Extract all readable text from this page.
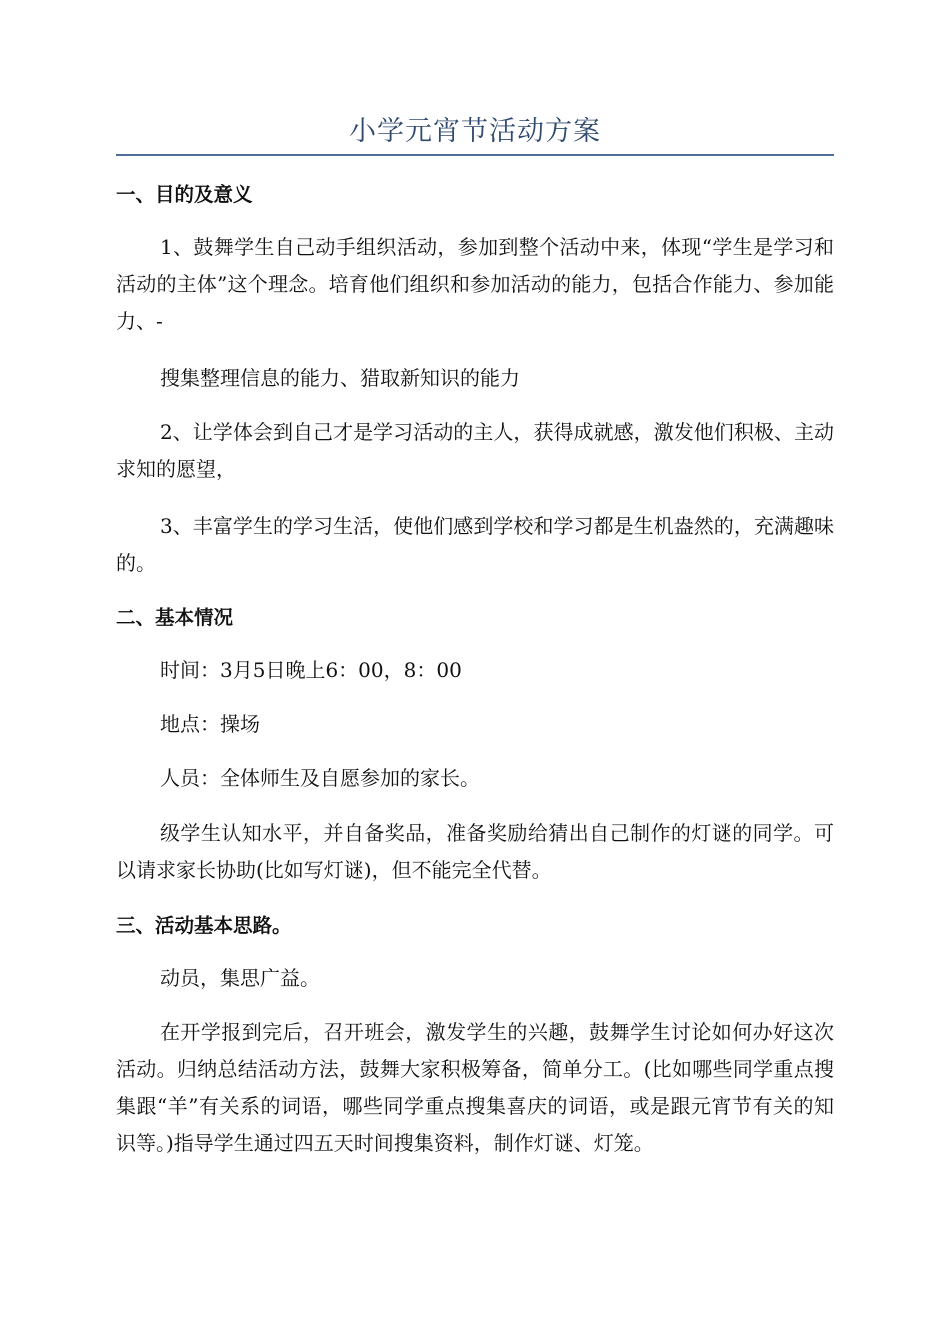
小学元宵节活动方案
一、目的及意义
1、鼓舞学生自己动手组织活动，参加到整个活动中来，体现“学生是学习和活动的主体”这个理念。培育他们组织和参加活动的能力，包括合作能力、参加能力、-
搜集整理信息的能力、猎取新知识的能力
2、让学体会到自己才是学习活动的主人，获得成就感，激发他们积极、主动求知的愿望，
3、丰富学生的学习生活，使他们感到学校和学习都是生机盎然的，充满趣味的。
二、基本情况
时间：3月5日晚上6：00，8：00
地点：操场
人员：全体师生及自愿参加的家长。
级学生认知水平，并自备奖品，准备奖励给猜出自己制作的灯谜的同学。可以请求家长协助(比如写灯谜)，但不能完全代替。
三、活动基本思路。
动员，集思广益。
在开学报到完后，召开班会，激发学生的兴趣，鼓舞学生讨论如何办好这次活动。归纳总结活动方法，鼓舞大家积极筹备，简单分工。(比如哪些同学重点搜集跟“羊”有关系的词语，哪些同学重点搜集喜庆的词语，或是跟元宵节有关的知识等。)指导学生通过四五天时间搜集资料，制作灯谜、灯笼。
